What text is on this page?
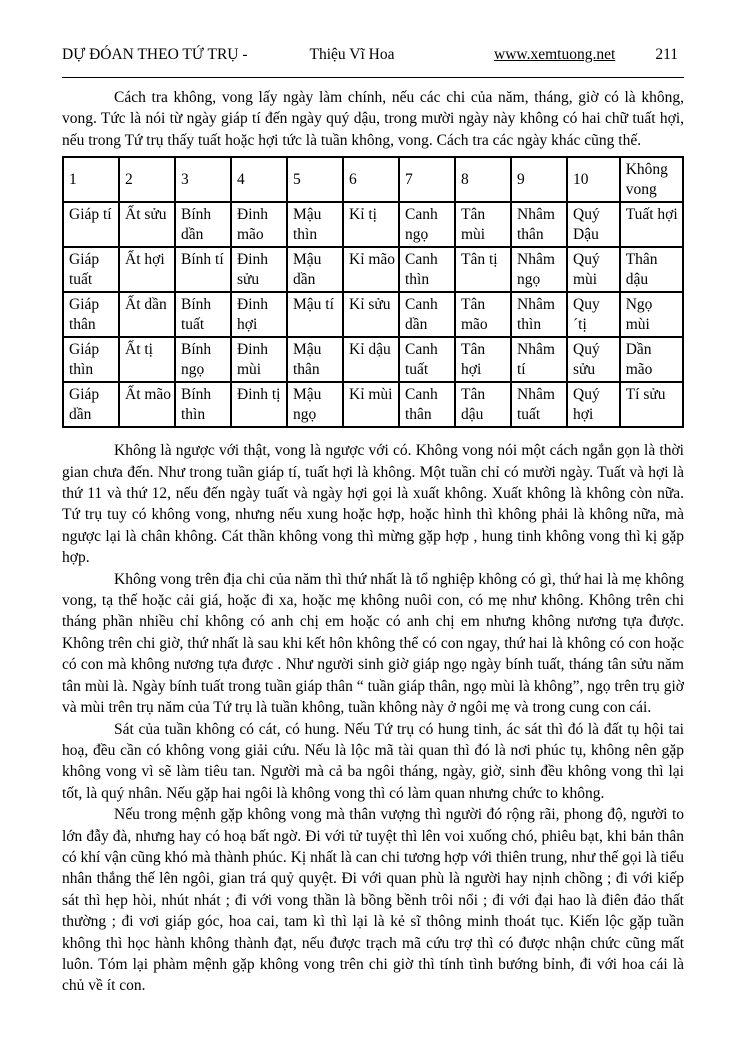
DỰ ĐÓAN THEO TỨ TRỤ -	Thiệu Vĩ Hoa	www.xemtuong.net	211

Cách tra không, vong lấy ngày làm chính, nếu các chi của năm, tháng, giờ có là không, vong. Tức là nói từ ngày giáp tí đến ngày quý dậu, trong mười ngày này không có hai chữ tuất hợi, nếu trong Tứ trụ thấy tuất hoặc hợi tức là tuần không, vong. Cách tra các ngày khác cũng thế.

1	2	3	4	5	6	7	8	9	10	Không vong
Giáp tí	Ất sửu	Bính dần	Đinh mão	Mậu thìn	Kỉ tị	Canh ngọ	Tân mùi	Nhâm thân	Quý Dậu	Tuất hợi
Giáp tuất	Ất hợi	Bính tí	Đinh sửu	Mậu dần	Kỉ mão	Canh thìn	Tân tị	Nhâm ngọ	Quý mùi	Thân dậu
Giáp thân	Ất dần	Bính tuất	Đinh hợi	Mậu tí	Kỉ sửu	Canh dần	Tân mão	Nhâm thìn	Quy ´tị	Ngọ mùi
Giáp thìn	Ất tị	Bính ngọ	Đinh mùi	Mậu thân	Kỉ dậu	Canh tuất	Tân hợi	Nhâm tí	Quý sửu	Dần mão
Giáp dần	Ất mão	Bính thìn	Đinh tị	Mậu ngọ	Kỉ mùi	Canh thân	Tân dậu	Nhâm tuất	Quý hợi	Tí sửu

Không là ngược với thật, vong là ngược với có. Không vong nói một cách ngắn gọn là thời gian chưa đến. Như trong tuần giáp tí, tuất hợi là không. Một tuần chỉ có mười ngày. Tuất và hợi là thứ 11 và thứ 12, nếu đến ngày tuất và ngày hợi gọi là xuất không. Xuất không là không còn nữa. Tứ trụ tuy có không vong, nhưng nếu xung hoặc hợp, hoặc hình thì không phải là không nữa, mà ngược lại là chân không. Cát thần không vong thì mừng gặp hợp , hung tinh không vong thì kị gặp hợp.

Không vong trên địa chi của năm thì thứ nhất là tổ nghiệp không có gì, thứ hai là mẹ không vong, tạ thế hoặc cải giá, hoặc đi xa, hoặc mẹ không nuôi con, có mẹ như không. Không trên chi tháng phần nhiều chỉ không có anh chị em hoặc có anh chị em nhưng không nương tựa được. Không trên chi giờ, thứ nhất là sau khi kết hôn không thể có con ngay, thứ hai là không có con hoặc có con mà không nương tựa được . Như người sinh giờ giáp ngọ ngày bính tuất, tháng tân sửu năm tân mùi là. Ngày bính tuất trong tuần giáp thân “ tuần giáp thân, ngọ mùi là không”, ngọ trên trụ giờ và mùi trên trụ năm của Tứ trụ là tuần không, tuần không này ở ngôi mẹ và trong cung con cái.

Sát của tuần không có cát, có hung. Nếu Tứ trụ có hung tinh, ác sát thì đó là đất tụ hội tai hoạ, đều cần có không vong giải cứu. Nếu là lộc mã tài quan thì đó là nơi phúc tụ, không nên gặp không vong vì sẽ làm tiêu tan. Người mà cả ba ngôi tháng, ngày, giờ, sinh đều không vong thì lại tốt, là quý nhân. Nếu gặp hai ngôi là không vong thì có làm quan nhưng chức to không.

Nếu trong mệnh gặp không vong mà thân vượng thì người đó rộng rãi, phong độ, người to lớn đẫy đà, nhưng hay có hoạ bất ngờ. Đi với tử tuyệt thì lên voi xuống chó, phiêu bạt, khi bản thân có khí vận cũng khó mà thành phúc. Kị nhất là can chi tương hợp với thiên trung, như thế gọi là tiểu nhân thắng thế lên ngôi, gian trá quỷ quyệt. Đi với quan phù là người hay nịnh chồng ; đi với kiếp sát thì hẹp hòi, nhút nhát ; đi với vong thần là bồng bềnh trôi nổi ; đi với đại hao là điên đảo thất thường ; đi vơi giáp góc, hoa cai, tam kì thì lại là kẻ sĩ thông minh thoát tục. Kiến lộc gặp tuần không thì học hành không thành đạt, nếu được trạch mã cứu trợ thì có được nhận chức cũng mất luôn. Tóm lại phàm mệnh gặp không vong trên chi giờ thì tính tình bướng bỉnh, đi với hoa cái là chủ về ít con.
